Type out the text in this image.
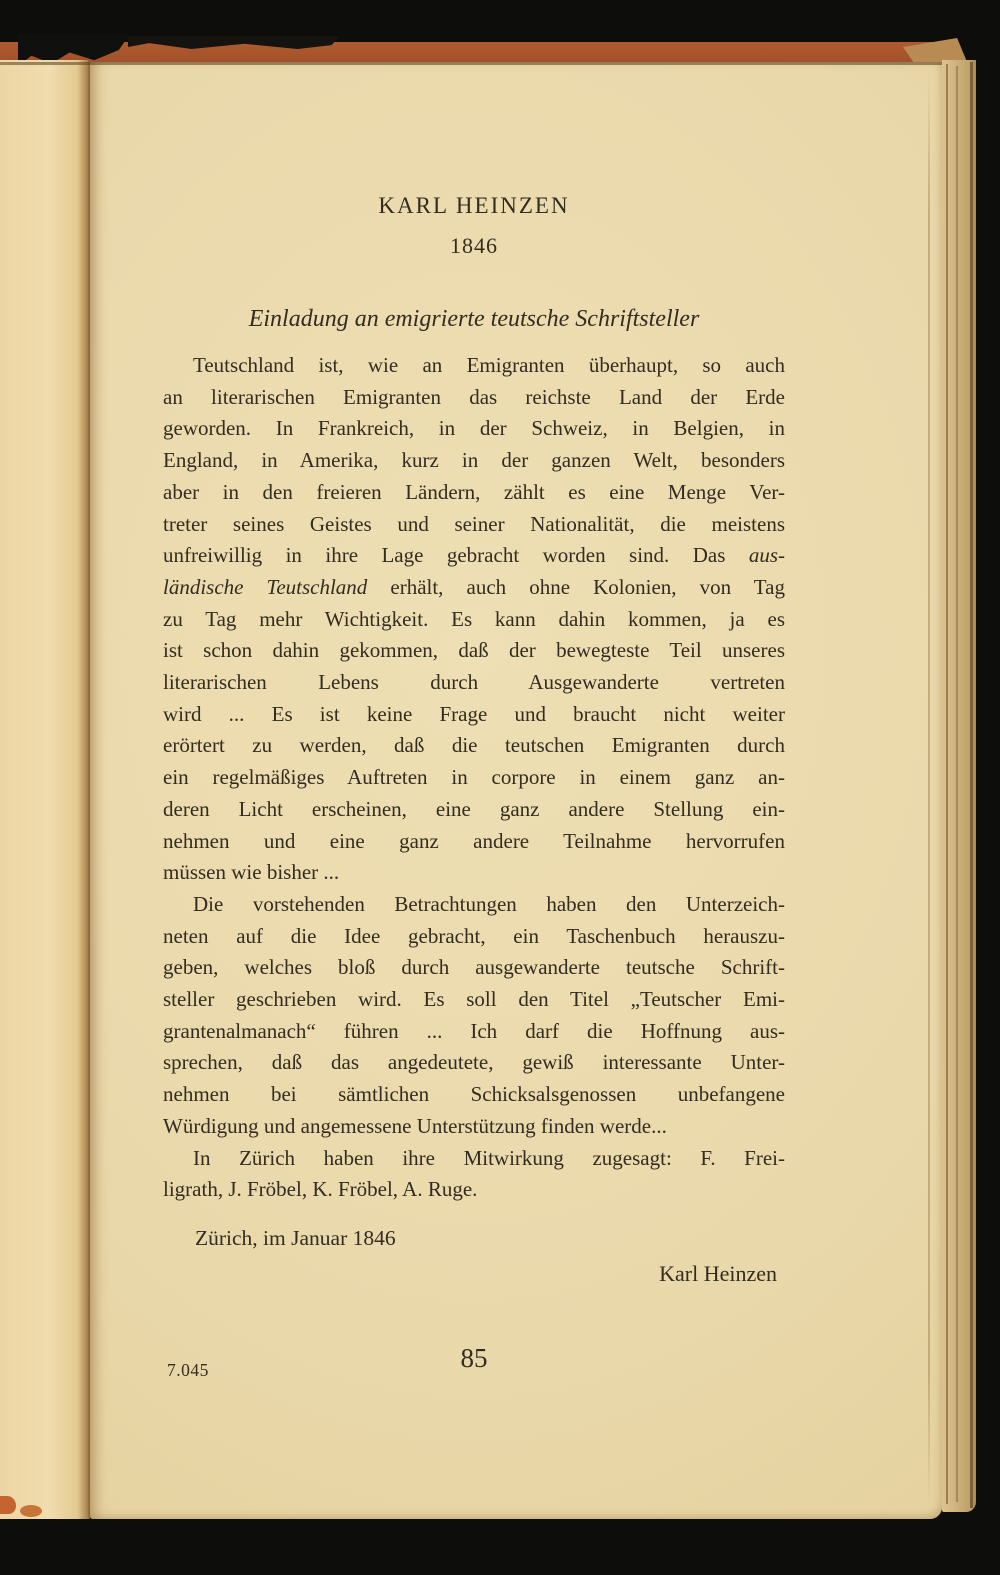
KARL HEINZEN
1846
Einladung an emigrierte teutsche Schriftsteller
Teutschland ist, wie an Emigranten überhaupt, so auch
an literarischen Emigranten das reichste Land der Erde
geworden. In Frankreich, in der Schweiz, in Belgien, in
England, in Amerika, kurz in der ganzen Welt, besonders
aber in den freieren Ländern, zählt es eine Menge Ver-
treter seines Geistes und seiner Nationalität, die meistens
unfreiwillig in ihre Lage gebracht worden sind. Das aus-
ländische Teutschland erhält, auch ohne Kolonien, von Tag
zu Tag mehr Wichtigkeit. Es kann dahin kommen, ja es
ist schon dahin gekommen, daß der bewegteste Teil unseres
literarischen Lebens durch Ausgewanderte vertreten
wird ... Es ist keine Frage und braucht nicht weiter
erörtert zu werden, daß die teutschen Emigranten durch
ein regelmäßiges Auftreten in corpore in einem ganz an-
deren Licht erscheinen, eine ganz andere Stellung ein-
nehmen und eine ganz andere Teilnahme hervorrufen
müssen wie bisher ...
Die vorstehenden Betrachtungen haben den Unterzeich-
neten auf die Idee gebracht, ein Taschenbuch herauszu-
geben, welches bloß durch ausgewanderte teutsche Schrift-
steller geschrieben wird. Es soll den Titel „Teutscher Emi-
grantenalmanach“ führen ... Ich darf die Hoffnung aus-
sprechen, daß das angedeutete, gewiß interessante Unter-
nehmen bei sämtlichen Schicksalsgenossen unbefangene
Würdigung und angemessene Unterstützung finden werde...
In Zürich haben ihre Mitwirkung zugesagt: F. Frei-
ligrath, J. Fröbel, K. Fröbel, A. Ruge.
Zürich, im Januar 1846
Karl Heinzen
7.045	85
